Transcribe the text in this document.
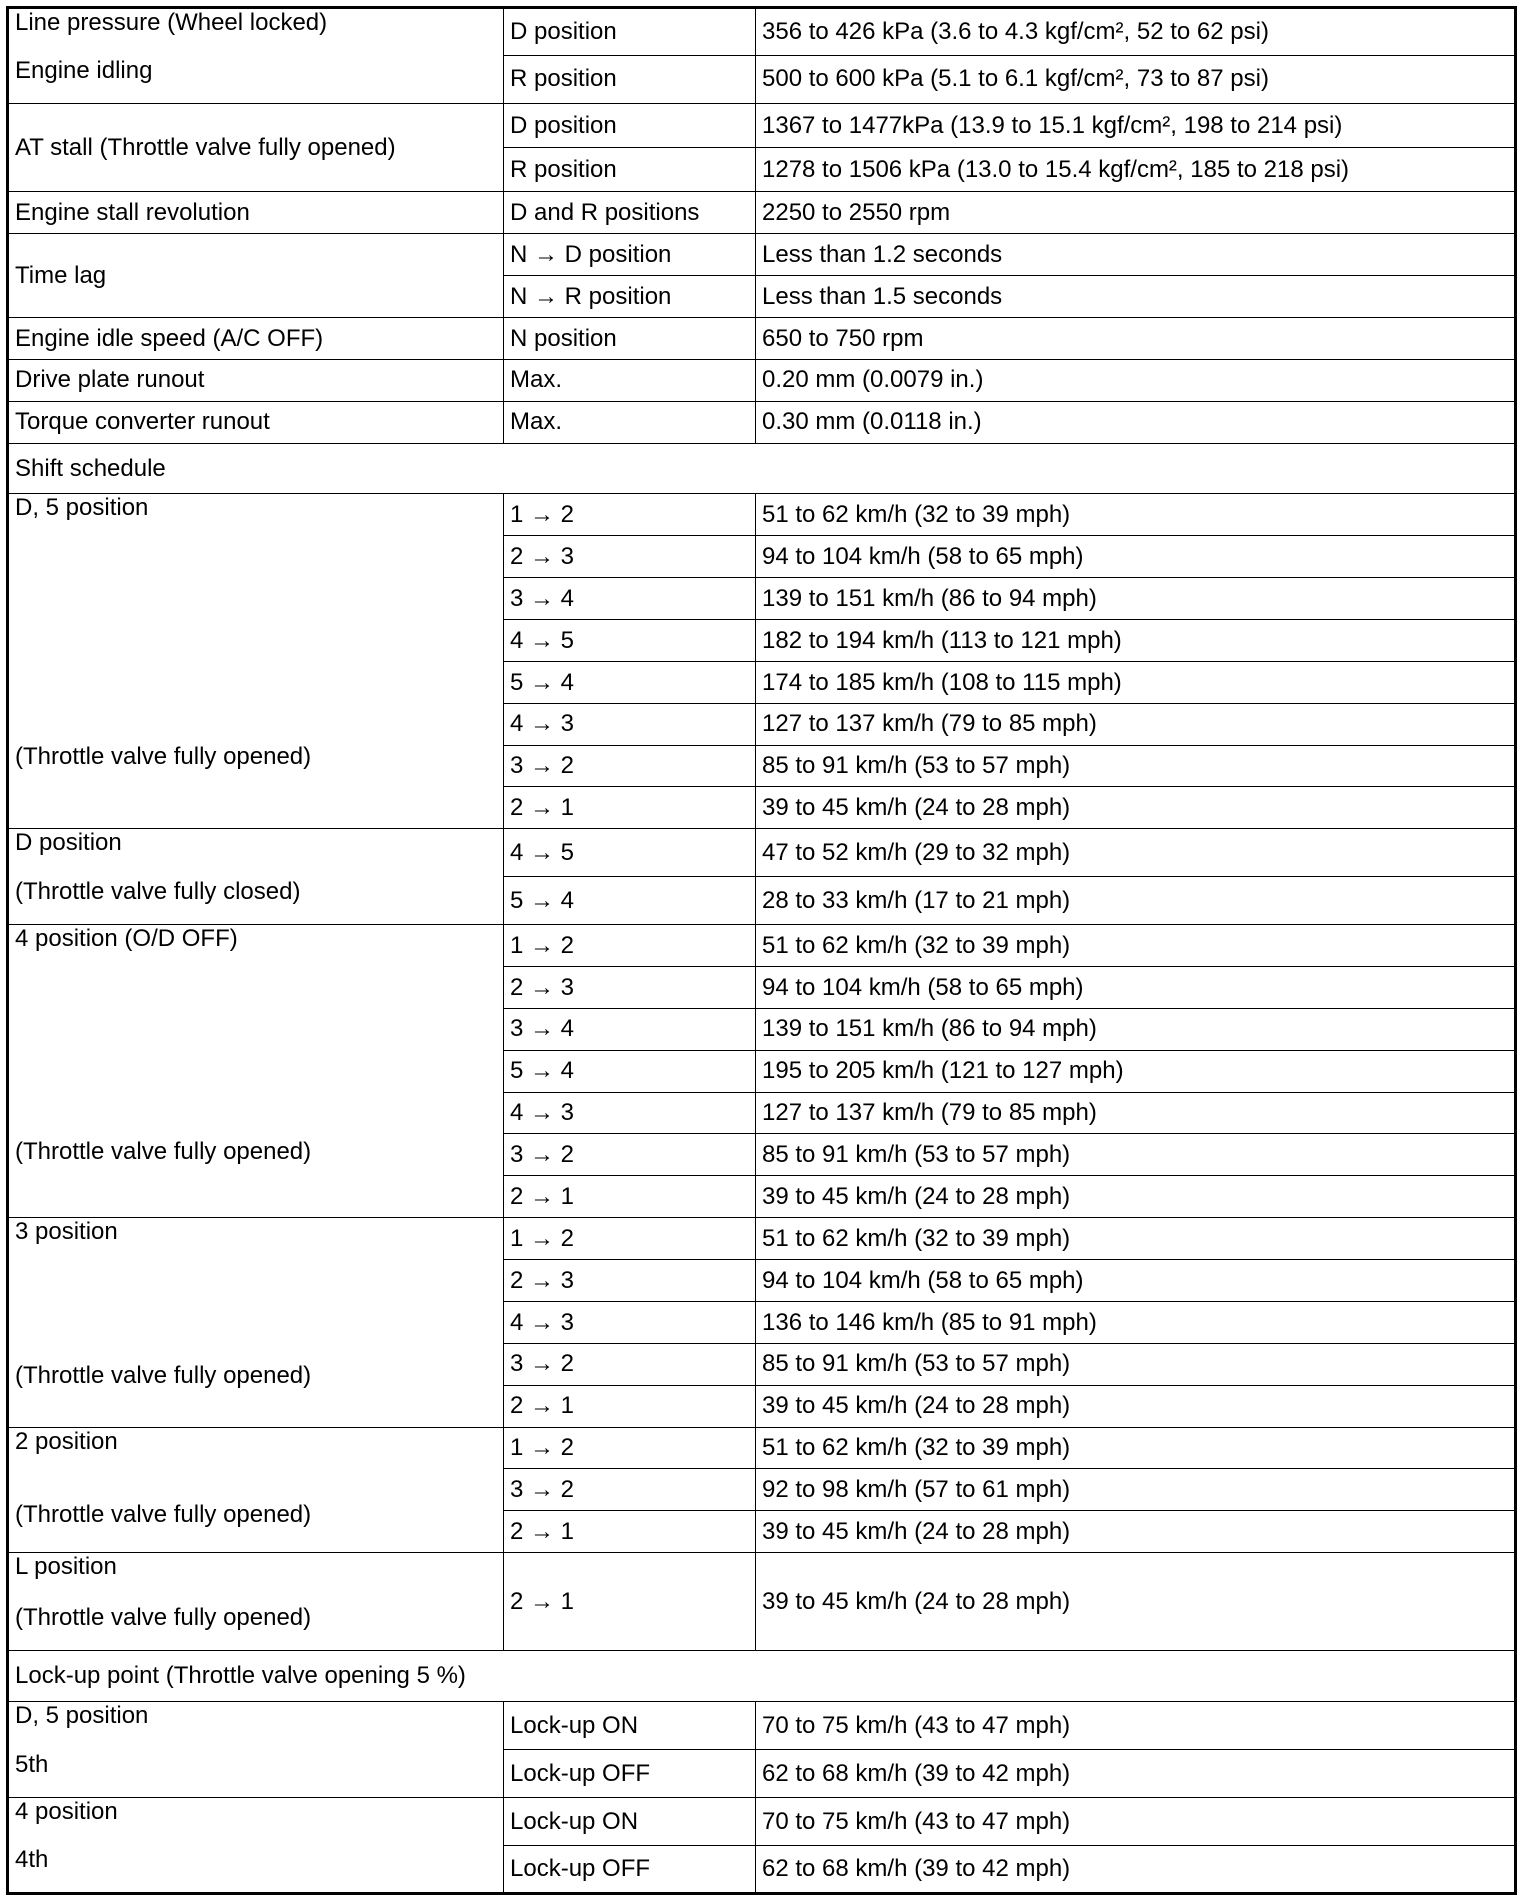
Line pressure (Wheel locked)
Engine idling	D position	356 to 426 kPa (3.6 to 4.3 kgf/cm², 52 to 62 psi)
	R position	500 to 600 kPa (5.1 to 6.1 kgf/cm², 73 to 87 psi)

AT stall (Throttle valve fully opened)	D position	1367 to 1477kPa (13.9 to 15.1 kgf/cm², 198 to 214 psi)
	R position	1278 to 1506 kPa (13.0 to 15.4 kgf/cm², 185 to 218 psi)

Engine stall revolution	D and R positions	2250 to 2550 rpm

Time lag	N → D position	Less than 1.2 seconds
	N → R position	Less than 1.5 seconds

Engine idle speed (A/C OFF)	N position	650 to 750 rpm

Drive plate runout	Max.	0.20 mm (0.0079 in.)

Torque converter runout	Max.	0.30 mm (0.0118 in.)
Shift schedule		

D, 5 position
(Throttle valve fully opened)	1 → 2	51 to 62 km/h (32 to 39 mph)
	2 → 3	94 to 104 km/h (58 to 65 mph)
	3 → 4	139 to 151 km/h (86 to 94 mph)
	4 → 5	182 to 194 km/h (113 to 121 mph)
	5 → 4	174 to 185 km/h (108 to 115 mph)
	4 → 3	127 to 137 km/h (79 to 85 mph)
	3 → 2	85 to 91 km/h (53 to 57 mph)
	2 → 1	39 to 45 km/h (24 to 28 mph)

D position
(Throttle valve fully closed)	4 → 5	47 to 52 km/h (29 to 32 mph)
	5 → 4	28 to 33 km/h (17 to 21 mph)

4 position (O/D OFF)
(Throttle valve fully opened)	1 → 2	51 to 62 km/h (32 to 39 mph)
	2 → 3	94 to 104 km/h (58 to 65 mph)
	3 → 4	139 to 151 km/h (86 to 94 mph)
	5 → 4	195 to 205 km/h (121 to 127 mph)
	4 → 3	127 to 137 km/h (79 to 85 mph)
	3 → 2	85 to 91 km/h (53 to 57 mph)
	2 → 1	39 to 45 km/h (24 to 28 mph)

3 position
(Throttle valve fully opened)	1 → 2	51 to 62 km/h (32 to 39 mph)
	2 → 3	94 to 104 km/h (58 to 65 mph)
	4 → 3	136 to 146 km/h (85 to 91 mph)
	3 → 2	85 to 91 km/h (53 to 57 mph)
	2 → 1	39 to 45 km/h (24 to 28 mph)

2 position
(Throttle valve fully opened)	1 → 2	51 to 62 km/h (32 to 39 mph)
	3 → 2	92 to 98 km/h (57 to 61 mph)
	2 → 1	39 to 45 km/h (24 to 28 mph)

L position
(Throttle valve fully opened)	2 → 1	39 to 45 km/h (24 to 28 mph)
Lock-up point (Throttle valve opening 5 %)		

D, 5 position
5th	Lock-up ON	70 to 75 km/h (43 to 47 mph)
	Lock-up OFF	62 to 68 km/h (39 to 42 mph)

4 position
4th	Lock-up ON	70 to 75 km/h (43 to 47 mph)
	Lock-up OFF	62 to 68 km/h (39 to 42 mph)
